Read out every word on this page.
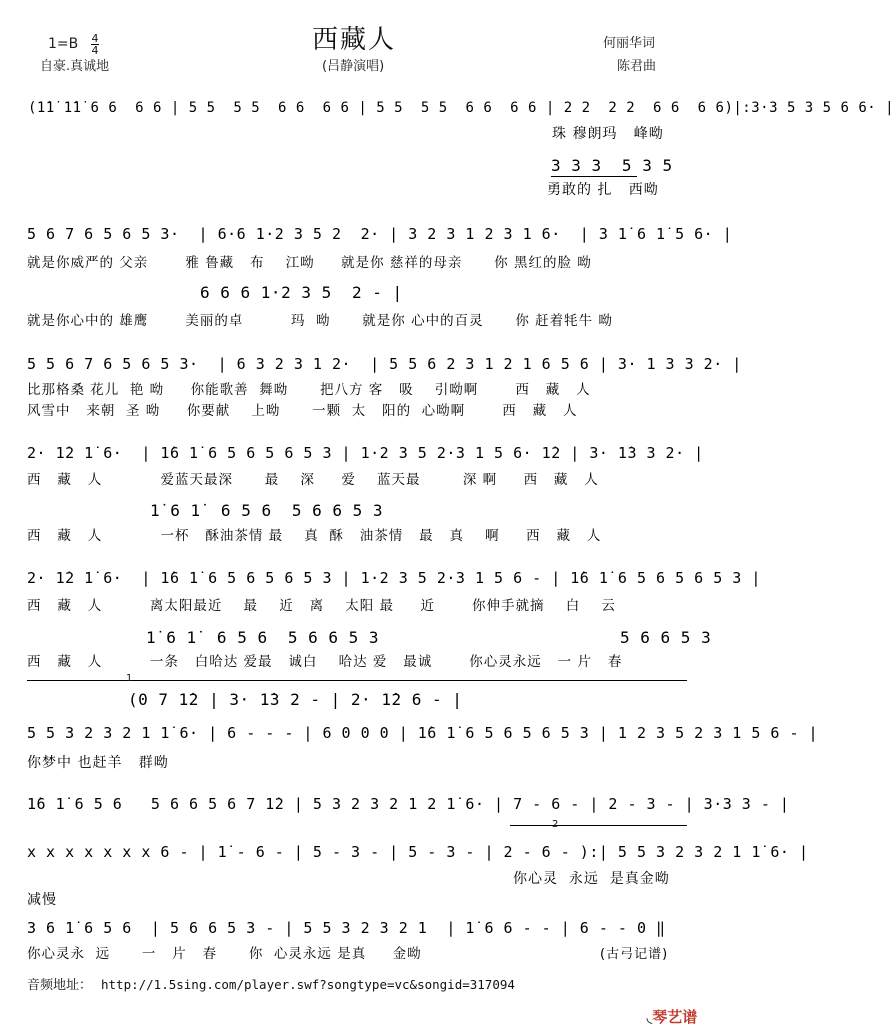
1=B 4
4	西藏人	何丽华词
自豪.真诚地	(吕静演唱)	陈君曲
(1̇1̇ 1̇1̇ 6 6  6 6 | 5 5  5 5  6 6  6 6 | 5 5  5 5  6 6  6 6 | 2 2  2 2  6 6  6 6)|:3·3 5 3 5 6 6· |
珠 穆朗玛   峰呦
3 3 3  5 3 5
勇敢的 扎   西呦
5 6 7 6 5 6 5 3·  | 6·6 1·2 3 5 2  2· | 3 2 3 1 2 3 1 6·  | 3 1̇ 6 1̇ 5 6· |
就是你威严的 父亲       雅 鲁藏   布    江呦     就是你 慈祥的母亲      你 黑红的脸 呦
6 6 6 1·2 3 5  2 - |
就是你心中的 雄鹰       美丽的卓         玛  呦      就是你 心中的百灵      你 赶着牦牛 呦
5 5 6 7 6 5 6 5 3·  | 6 3 2 3 1 2·  | 5 5 6 2 3 1 2 1 6 5 6 | 3· 1 3 3 2· |
比那格桑 花儿  艳 呦     你能歌善  舞呦      把八方 客   吸    引呦啊       西   藏   人
风雪中   来朝  圣 呦     你要献    上呦      一颗  太   阳的  心呦啊       西   藏   人
2· 1̇2 1̇ 6·  | 1̇6 1̇ 6 5 6 5 6 5 3 | 1·2 3 5 2·3 1 5 6· 1̇2 | 3· 1̇3 3 2· |
西   藏   人           爱蓝天最深      最    深     爱    蓝天最        深 啊     西   藏   人
1̇ 6 1̇  6 5 6  5 6 6 5 3
西   藏   人           一杯   酥油茶情 最    真  酥   油茶情   最   真    啊     西   藏   人
2· 1̇2 1̇ 6·  | 1̇6 1̇ 6 5 6 5 6 5 3 | 1·2 3 5 2·3 1 5 6 - | 1̇6 1̇ 6 5 6 5 6 5 3 |
西   藏   人         离太阳最近    最    近   离    太阳 最     近       你伸手就摘    白    云
1̇ 6 1̇  6 5 6  5 6 6 5 3	5 6 6 5 3
西   藏   人         一条   白哈达 爱最   诚白    哈达 爱   最诚       你心灵永远   一 片   春
1
(0 7 1̇2 | 3· 1̇3 2 - | 2· 1̇2 6 - |
5 5 3 2 3 2 1 1̇ 6· | 6 - - - | 6 0 0 0 | 1̇6 1̇ 6 5 6 5 6 5 3 | 1 2 3 5 2 3 1 5 6 - |
你梦中 也赶羊   群呦
1̇6 1̇ 6 5 6   5 6 6 5 6 7 1̇2 | 5 3 2 3 2 1 2 1̇ 6· | 7 - 6 - | 2 - 3 - | 3·3 3 - |
2
x x x x x x x 6 - | 1̇ - 6 - | 5 - 3 - | 5 - 3 - | 2 - 6 - ):| 5 5 3 2 3 2 1 1̇ 6· |
你心灵  永远  是真金呦
减慢
3 6 1̇ 6 5 6  | 5 6 6 5 3 - | 5 5 3 2 3 2 1  | 1̇ 6 6 - - | 6 - - 0 ‖
你心灵永  远      一   片   春      你  心灵永远 是真     金呦	(古弓记谱)
音频地址： http://1.5sing.com/player.swf?songtype=vc&songid=317094

◟琴艺谱
